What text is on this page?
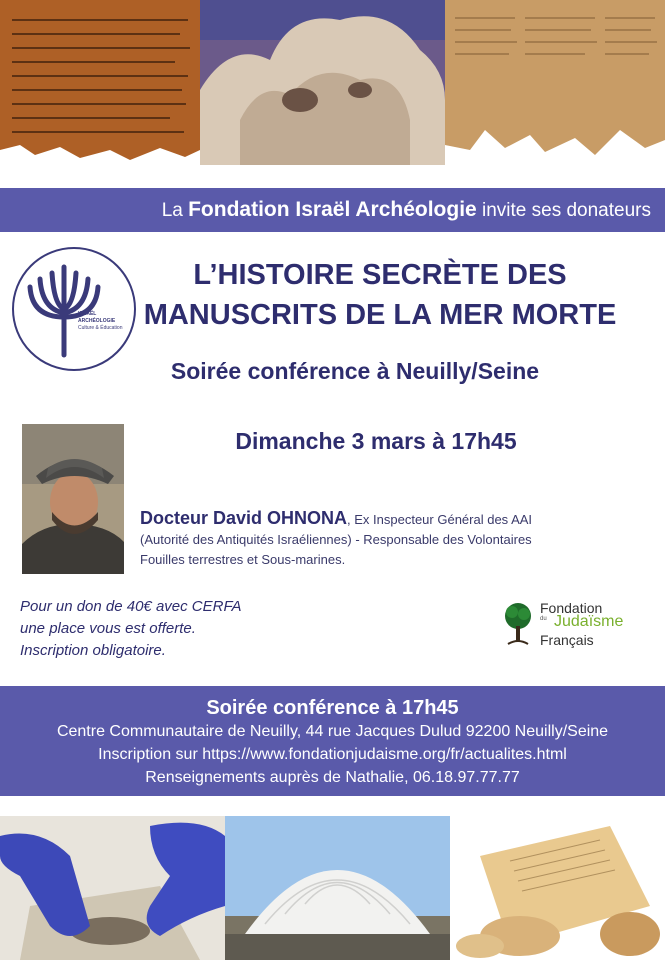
La Fondation Israël Archéologie invite ses donateurs
ISRAËL
ARCHÉOLOGIE
Culture & Éducation
L’HISTOIRE SECRÈTE DES
MANUSCRITS DE LA MER MORTE
Soirée conférence à Neuilly/Seine
Dimanche 3 mars à 17h45
Docteur David OHNONA, Ex Inspecteur Général des AAI
(Autorité des Antiquités Israéliennes) - Responsable des Volontaires
Fouilles terrestres et Sous-marines.
Pour un don de 40€ avec CERFA
une place vous est offerte.
Inscription obligatoire.
Fondation
du Judaïsme
Français
Soirée conférence à 17h45
Centre Communautaire de Neuilly, 44 rue Jacques Dulud 92200 Neuilly/Seine
Inscription sur https://www.fondationjudaisme.org/fr/actualites.html
Renseignements auprès de Nathalie, 06.18.97.77.77
